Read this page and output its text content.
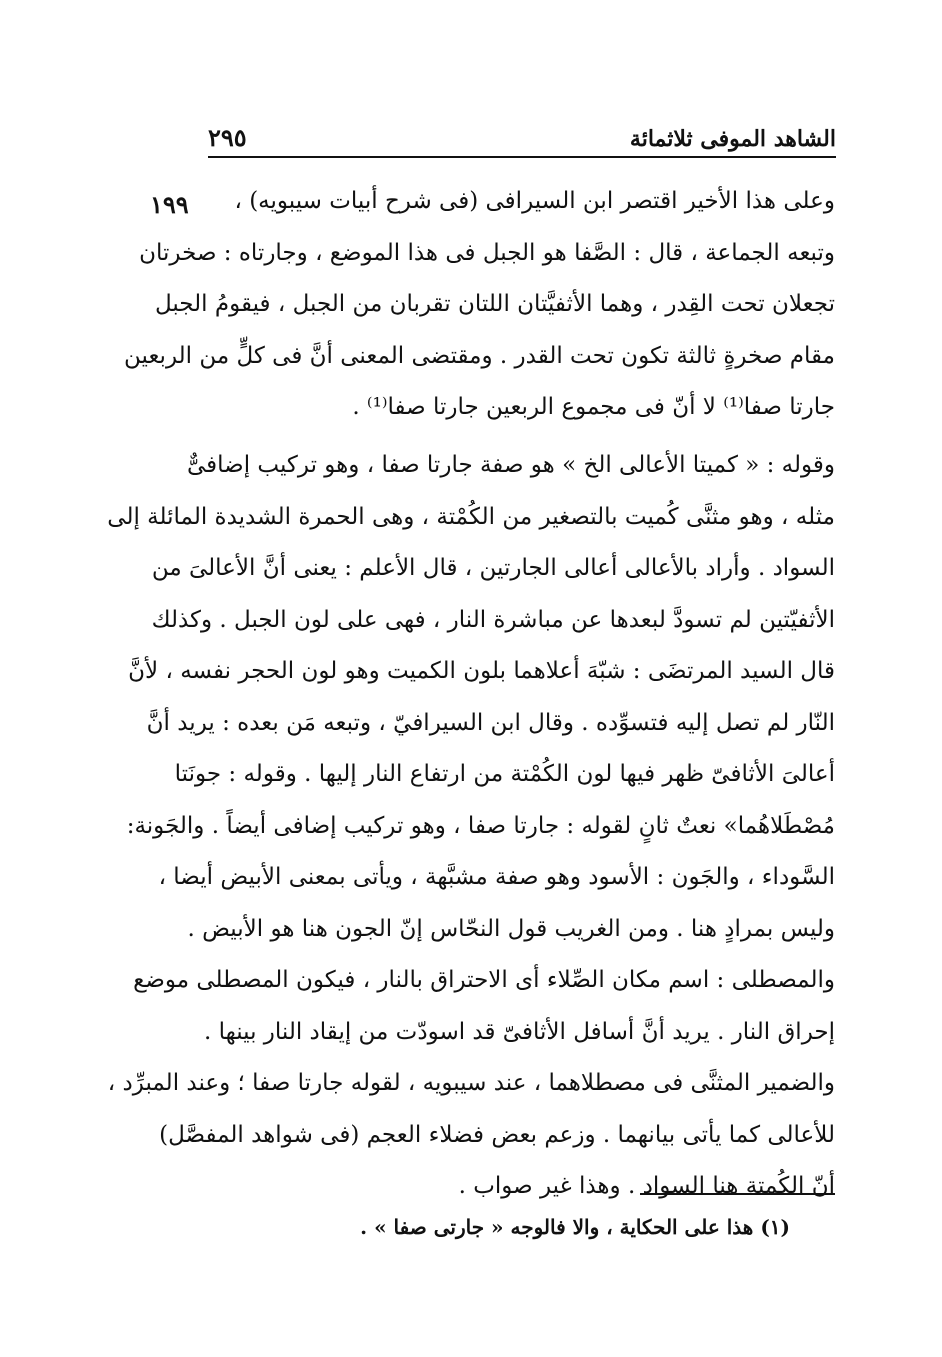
الشاهد الموفى ثلاثمائة
٢٩٥
١٩٩	وعلى هذا الأخير اقتصر ابن السيرافى (فى شرح أبيات سيبويه) ،
وتبعه الجماعة ، قال : الصَّفا هو الجبل فى هذا الموضع ، وجارتاه : صخرتان
تجعلان تحت القِدر ، وهما الأثفيَّتان اللتان تقربان من الجبل ، فيقومُ الجبل
مقام صخرةٍ ثالثة تكون تحت القدر . ومقتضى المعنى أنَّ فى كلٍّ من الربعين
جارتا صفا⁽¹⁾ لا أنّ فى مجموع الربعين جارتا صفا⁽¹⁾ .
وقوله : « كميتا الأعالى الخ » هو صفة جارتا صفا ، وهو تركيب إضافىٌّ
مثله ، وهو مثنَّى كُميت بالتصغير من الكُمْتة ، وهى الحمرة الشديدة المائلة إلى
السواد . وأراد بالأعالى أعالى الجارتين ، قال الأعلم : يعنى أنَّ الأعالىَ من
الأثفيّتين لم تسودَّ لبعدها عن مباشرة النار ، فهى على لون الجبل . وكذلك
قال السيد المرتضَى : شبّهَ أعلاهما بلون الكميت وهو لون الحجر نفسه ، لأنَّ
النّار لم تصل إليه فتسوِّده . وقال ابن السيرافيّ ، وتبعه مَن بعده : يريد أنَّ
أعالىَ الأثافىّ ظهر فيها لون الكُمْتة من ارتفاع النار إليها . وقوله : جونَتا
مُصْطَلاهُما» نعتٌ ثانٍ لقوله : جارتا صفا ، وهو تركيب إضافى أيضاً . والجَونة:
السَّوداء ، والجَون : الأسود وهو صفة مشبَّهة ، ويأتى بمعنى الأبيض أيضا ،
وليس بمرادٍ هنا . ومن الغريب قول النحّاس إنّ الجون هنا هو الأبيض .
والمصطلى : اسم مكان الصِّلاء أى الاحتراق بالنار ، فيكون المصطلى موضع
إحراق النار . يريد أنَّ أسافل الأثافىّ قد اسودّت من إيقاد النار بينها .
والضمير المثنَّى فى مصطلاهما ، عند سيبويه ، لقوله جارتا صفا ؛ وعند المبرِّد ،
للأعالى كما يأتى بيانهما . وزعم بعض فضلاء العجم (فى شواهد المفصَّل)
أنّ الكُمتة هنا السواد . وهذا غير صواب .
(١) هذا على الحكاية ، والا فالوجه « جارتى صفا » .
